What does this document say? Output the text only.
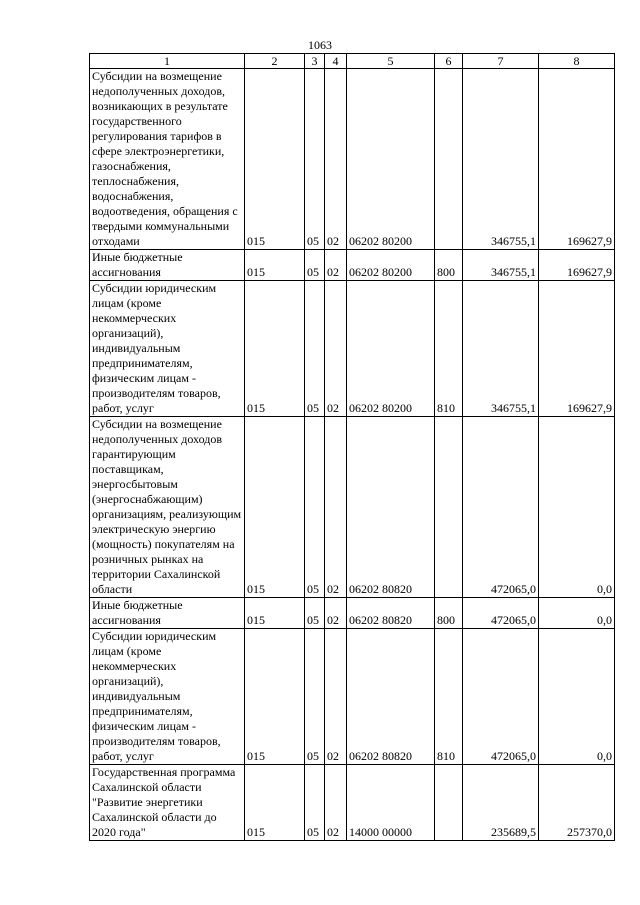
1063
1	2	3	4	5	6	7	8
Субсидии на возмещение недополученных доходов, возникающих в результате государственного регулирования тарифов в сфере электроэнергетики, газоснабжения, теплоснабжения, водоснабжения, водоотведения, обращения с твердыми коммунальными отходами	015	05	02	06202 80200		346755,1	169627,9
Иные бюджетные ассигнования	015	05	02	06202 80200	800	346755,1	169627,9
Субсидии юридическим лицам (кроме некоммерческих организаций), индивидуальным предпринимателям, физическим лицам - производителям товаров, работ, услуг	015	05	02	06202 80200	810	346755,1	169627,9
Субсидии на возмещение недополученных доходов гарантирующим поставщикам, энергосбытовым (энергоснабжающим) организациям, реализующим электрическую энергию (мощность) покупателям на розничных рынках на территории Сахалинской области	015	05	02	06202 80820		472065,0	0,0
Иные бюджетные ассигнования	015	05	02	06202 80820	800	472065,0	0,0
Субсидии юридическим лицам (кроме некоммерческих организаций), индивидуальным предпринимателям, физическим лицам - производителям товаров, работ, услуг	015	05	02	06202 80820	810	472065,0	0,0
Государственная программа Сахалинской области "Развитие энергетики Сахалинской области до 2020 года"	015	05	02	14000 00000		235689,5	257370,0
